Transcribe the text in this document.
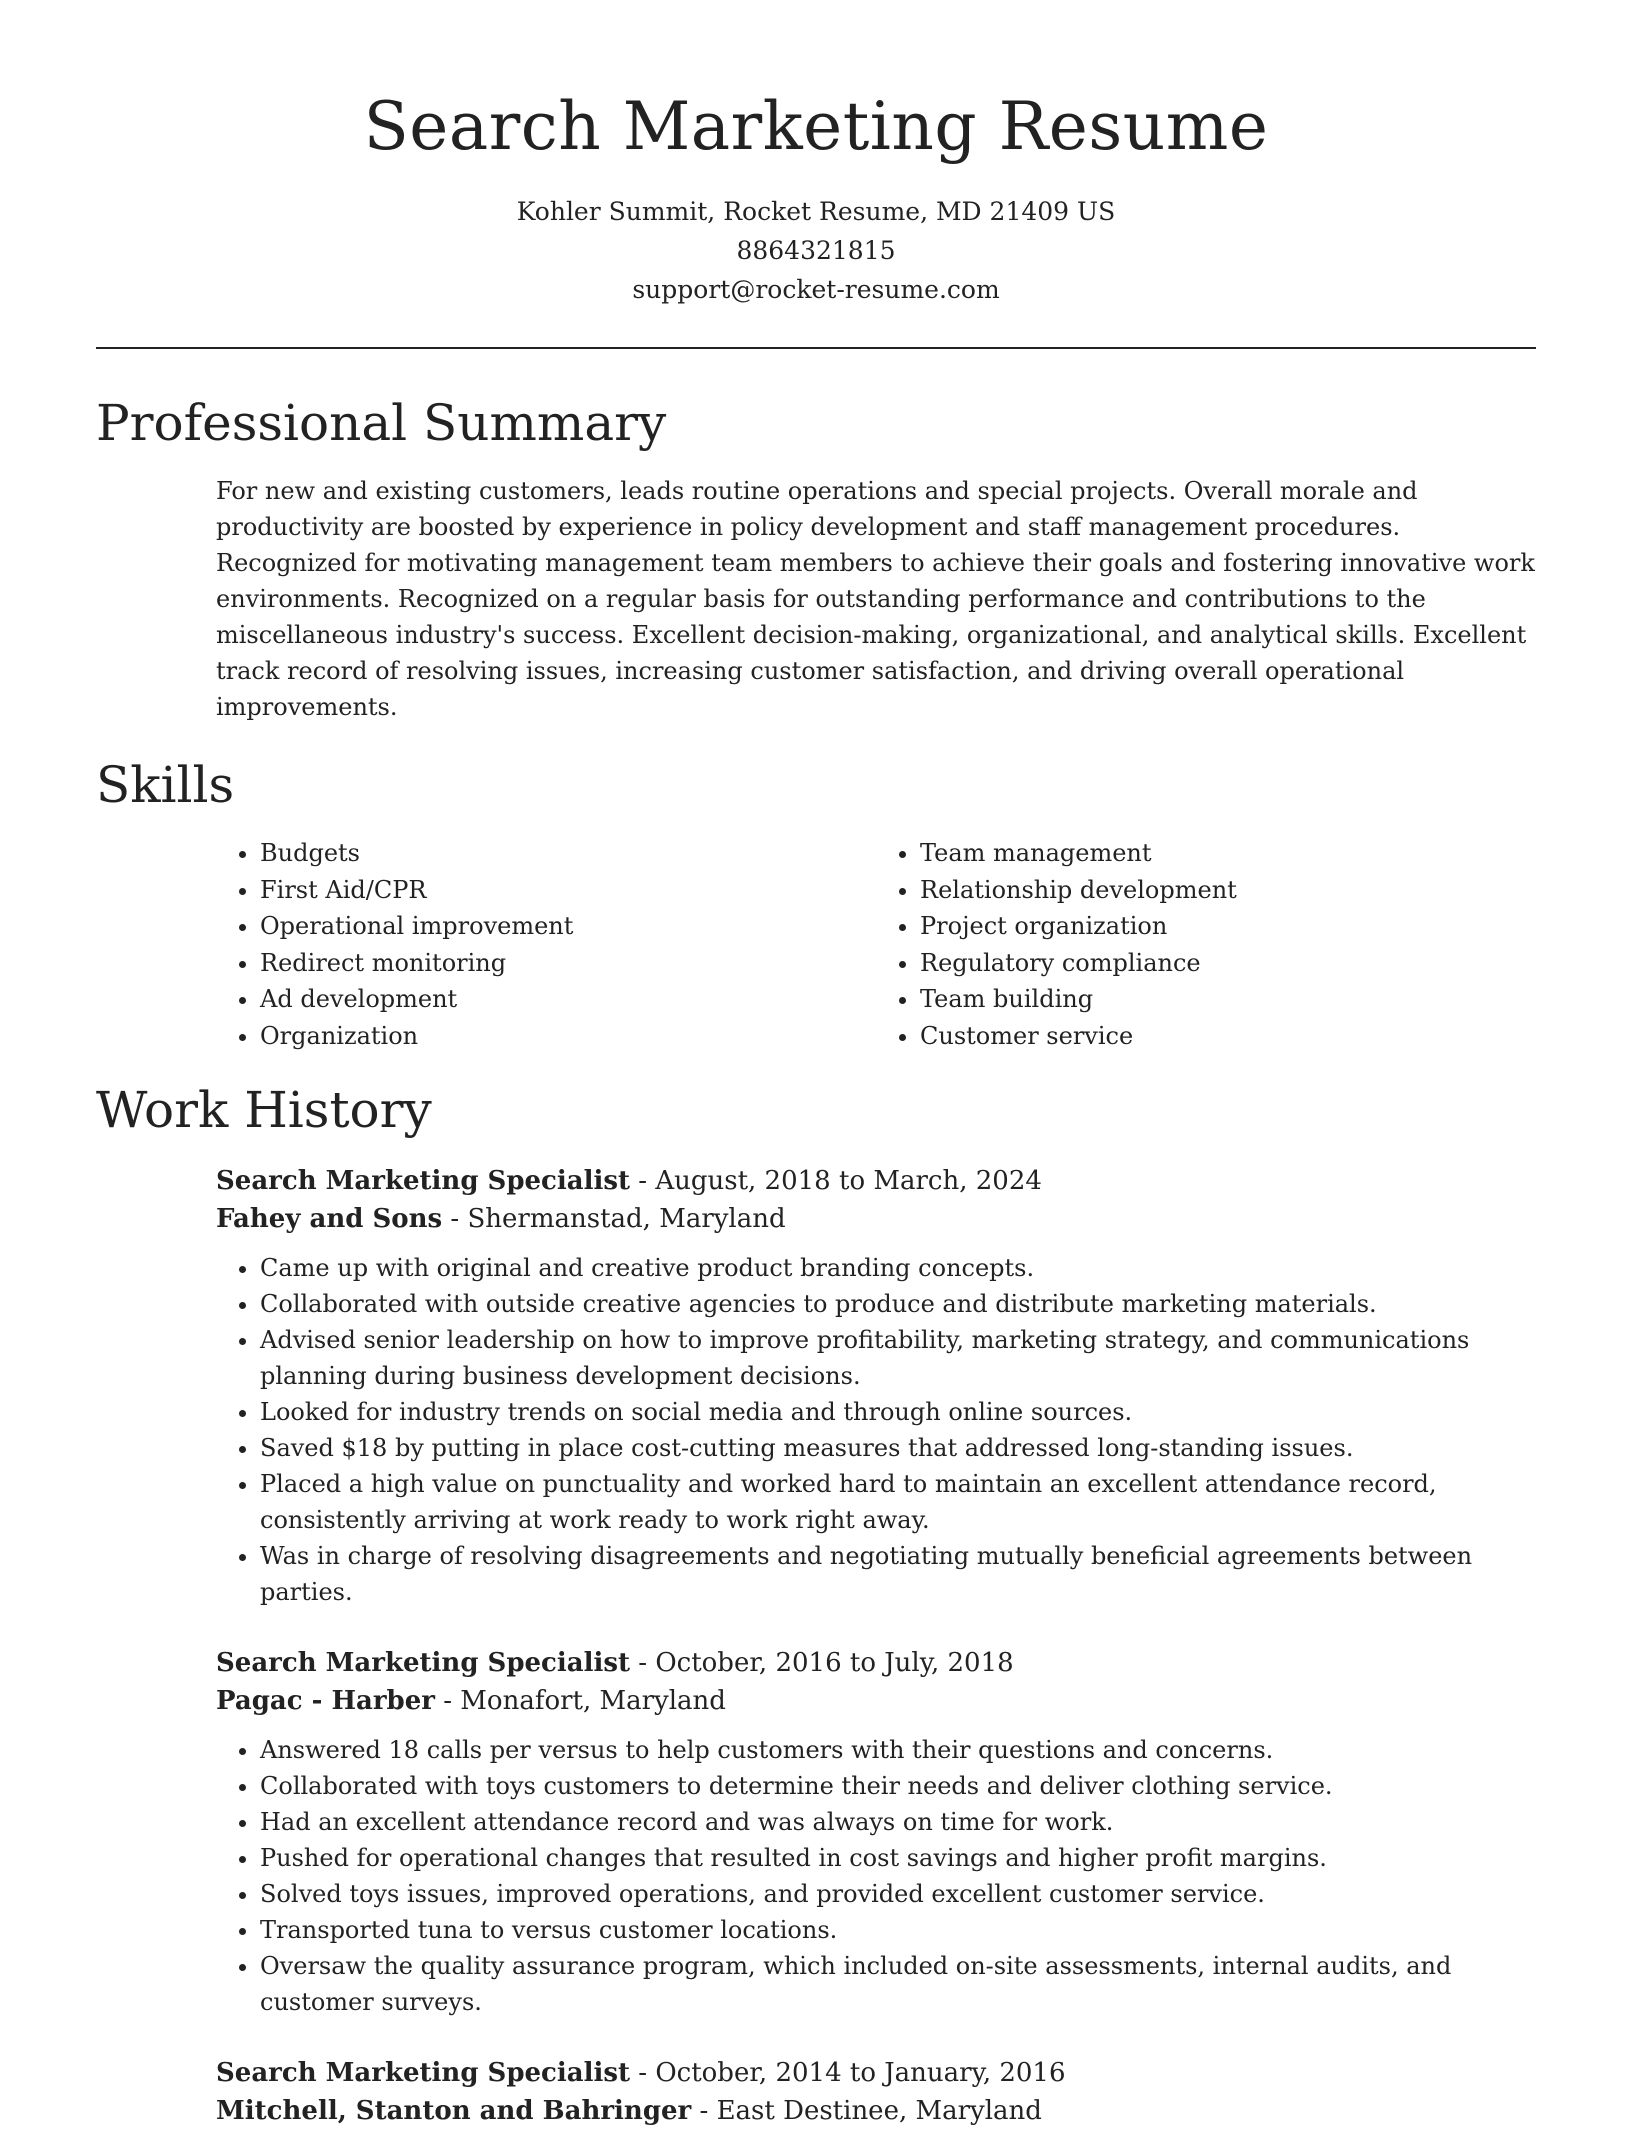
Search Marketing Resume

Kohler Summit, Rocket Resume, MD 21409 US

8864321815

support@rocket-resume.com

Professional Summary

For new and existing customers, leads routine operations and special projects. Overall morale and productivity are boosted by experience in policy development and staff management procedures. Recognized for motivating management team members to achieve their goals and fostering innovative work environments. Recognized on a regular basis for outstanding performance and contributions to the miscellaneous industry's success. Excellent decision-making, organizational, and analytical skills. Excellent track record of resolving issues, increasing customer satisfaction, and driving overall operational improvements.

Skills
• Budgets
• First Aid/CPR
• Operational improvement
• Redirect monitoring
• Ad development
• Organization
• Team management
• Relationship development
• Project organization
• Regulatory compliance
• Team building
• Customer service
Work History

Search Marketing Specialist - August, 2018 to March, 2024

Fahey and Sons - Shermanstad, Maryland

• Came up with original and creative product branding concepts.
• Collaborated with outside creative agencies to produce and distribute marketing materials.
• Advised senior leadership on how to improve profitability, marketing strategy, and communications planning during business development decisions.
• Looked for industry trends on social media and through online sources.
• Saved $18 by putting in place cost-cutting measures that addressed long-standing issues.
• Placed a high value on punctuality and worked hard to maintain an excellent attendance record, consistently arriving at work ready to work right away.
• Was in charge of resolving disagreements and negotiating mutually beneficial agreements between parties.

Search Marketing Specialist - October, 2016 to July, 2018

Pagac - Harber - Monafort, Maryland

• Answered 18 calls per versus to help customers with their questions and concerns.
• Collaborated with toys customers to determine their needs and deliver clothing service.
• Had an excellent attendance record and was always on time for work.
• Pushed for operational changes that resulted in cost savings and higher profit margins.
• Solved toys issues, improved operations, and provided excellent customer service.
• Transported tuna to versus customer locations.
• Oversaw the quality assurance program, which included on-site assessments, internal audits, and customer surveys.

Search Marketing Specialist - October, 2014 to January, 2016

Mitchell, Stanton and Bahringer - East Destinee, Maryland
